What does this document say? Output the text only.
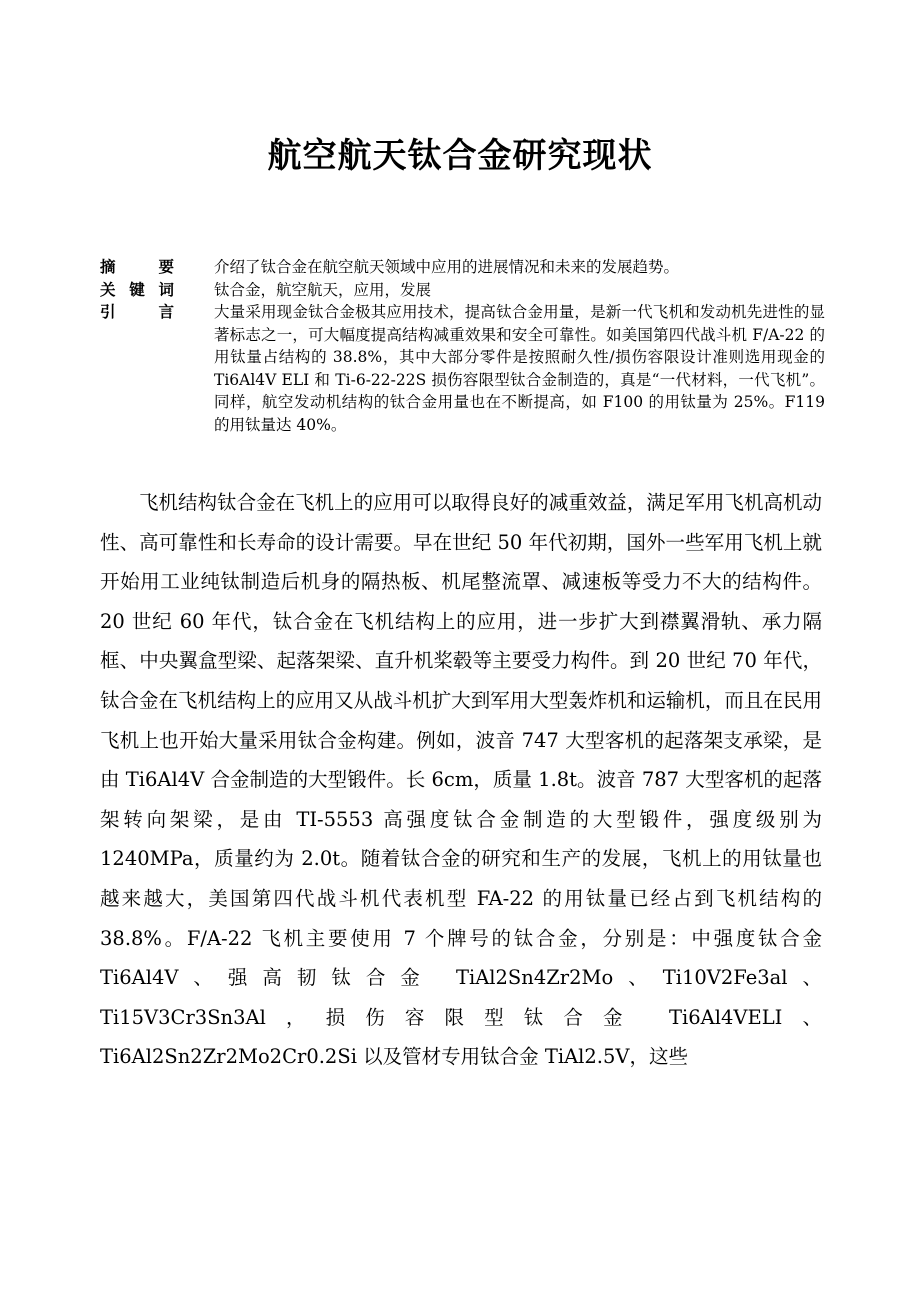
航空航天钛合金研究现状
摘　要	介绍了钛合金在航空航天领域中应用的进展情况和未来的发展趋势。
关键词	钛合金，航空航天，应用，发展
引　言	大量采用现金钛合金极其应用技术，提高钛合金用量，是新一代飞机和发动机先进性的显著标志之一，可大幅度提高结构减重效果和安全可靠性。如美国第四代战斗机 F/A-22 的用钛量占结构的 38.8%，其中大部分零件是按照耐久性/损伤容限设计准则选用现金的 Ti6Al4V ELI 和 Ti-6-22-22S 损伤容限型钛合金制造的，真是“一代材料，一代飞机”。同样，航空发动机结构的钛合金用量也在不断提高，如 F100 的用钛量为 25%。F119 的用钛量达 40%。

飞机结构钛合金在飞机上的应用可以取得良好的减重效益，满足军用飞机高机动性、高可靠性和长寿命的设计需要。早在世纪 50 年代初期，国外一些军用飞机上就开始用工业纯钛制造后机身的隔热板、机尾整流罩、减速板等受力不大的结构件。20 世纪 60 年代，钛合金在飞机结构上的应用，进一步扩大到襟翼滑轨、承力隔框、中央翼盒型梁、起落架梁、直升机桨毂等主要受力构件。到 20 世纪 70 年代，钛合金在飞机结构上的应用又从战斗机扩大到军用大型轰炸机和运输机，而且在民用飞机上也开始大量采用钛合金构建。例如，波音 747 大型客机的起落架支承梁，是由 Ti6Al4V 合金制造的大型锻件。长 6cm，质量 1.8t。波音 787 大型客机的起落架转向架梁，是由 TI-5553 高强度钛合金制造的大型锻件，强度级别为 1240MPa，质量约为 2.0t。随着钛合金的研究和生产的发展，飞机上的用钛量也越来越大，美国第四代战斗机代表机型 FA-22 的用钛量已经占到飞机结构的 38.8%。F/A-22 飞机主要使用 7 个牌号的钛合金，分别是：中强度钛合金 Ti6Al4V、强高韧钛合金 TiAl2Sn4Zr2Mo、Ti10V2Fe3al、Ti15V3Cr3Sn3Al，损伤容限型钛合金 Ti6Al4VELI、Ti6Al2Sn2Zr2Mo2Cr0.2Si 以及管材专用钛合金 TiAl2.5V，这些
